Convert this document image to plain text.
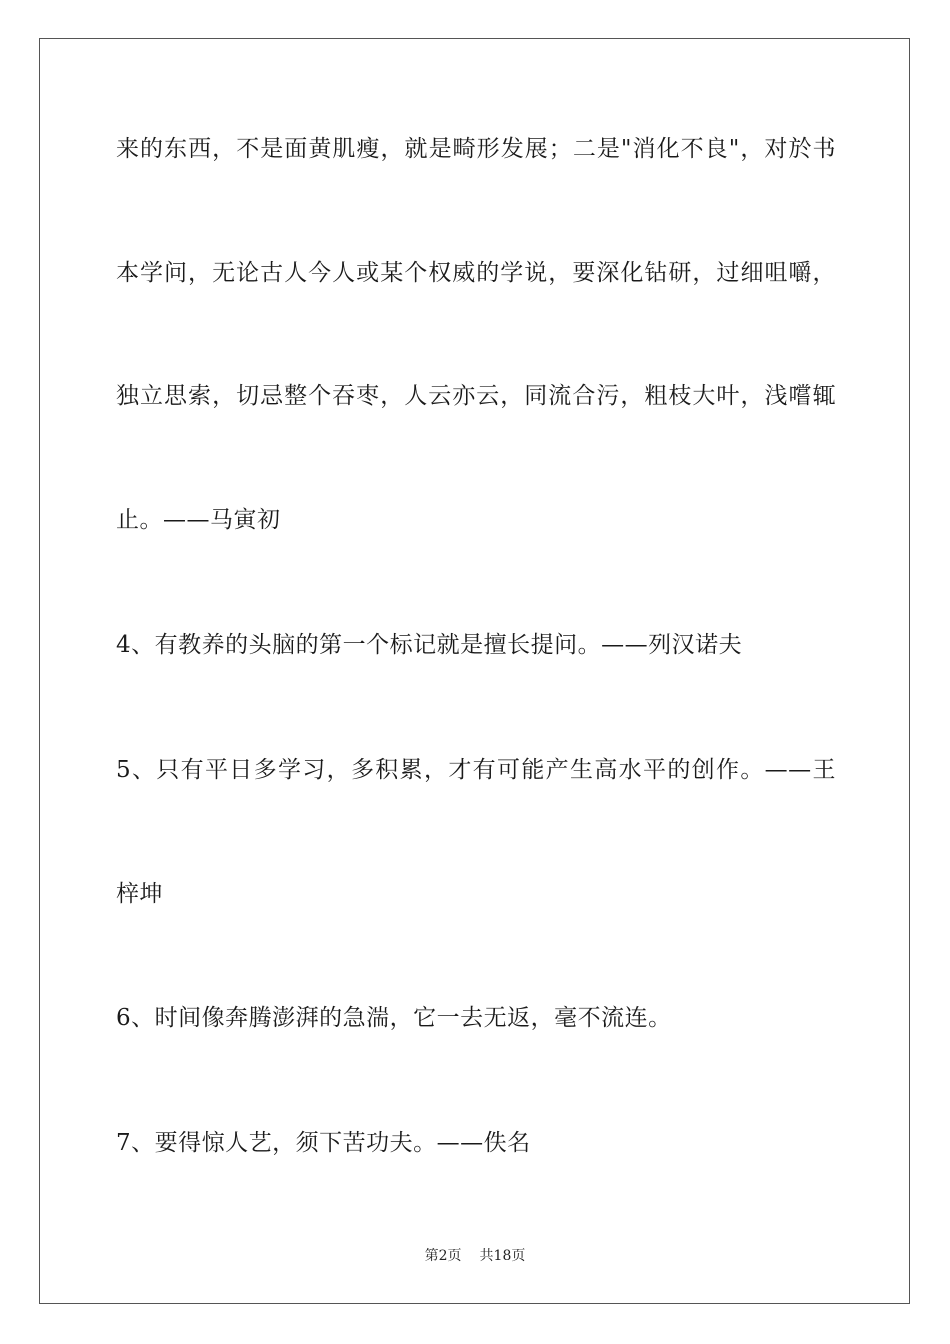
来的东西，不是面黄肌瘦，就是畸形发展；二是"消化不良"，对於书
本学问，无论古人今人或某个权威的学说，要深化钻研，过细咀嚼，
独立思索，切忌整个吞枣，人云亦云，同流合污，粗枝大叶，浅嚐辄
止。——马寅初
4、有教养的头脑的第一个标记就是擅长提问。——列汉诺夫
5、只有平日多学习，多积累，才有可能产生高水平的创作。——王
梓坤
6、时间像奔腾澎湃的急湍，它一去无返，毫不流连。
7、要得惊人艺，须下苦功夫。——佚名
第2页 共18页
